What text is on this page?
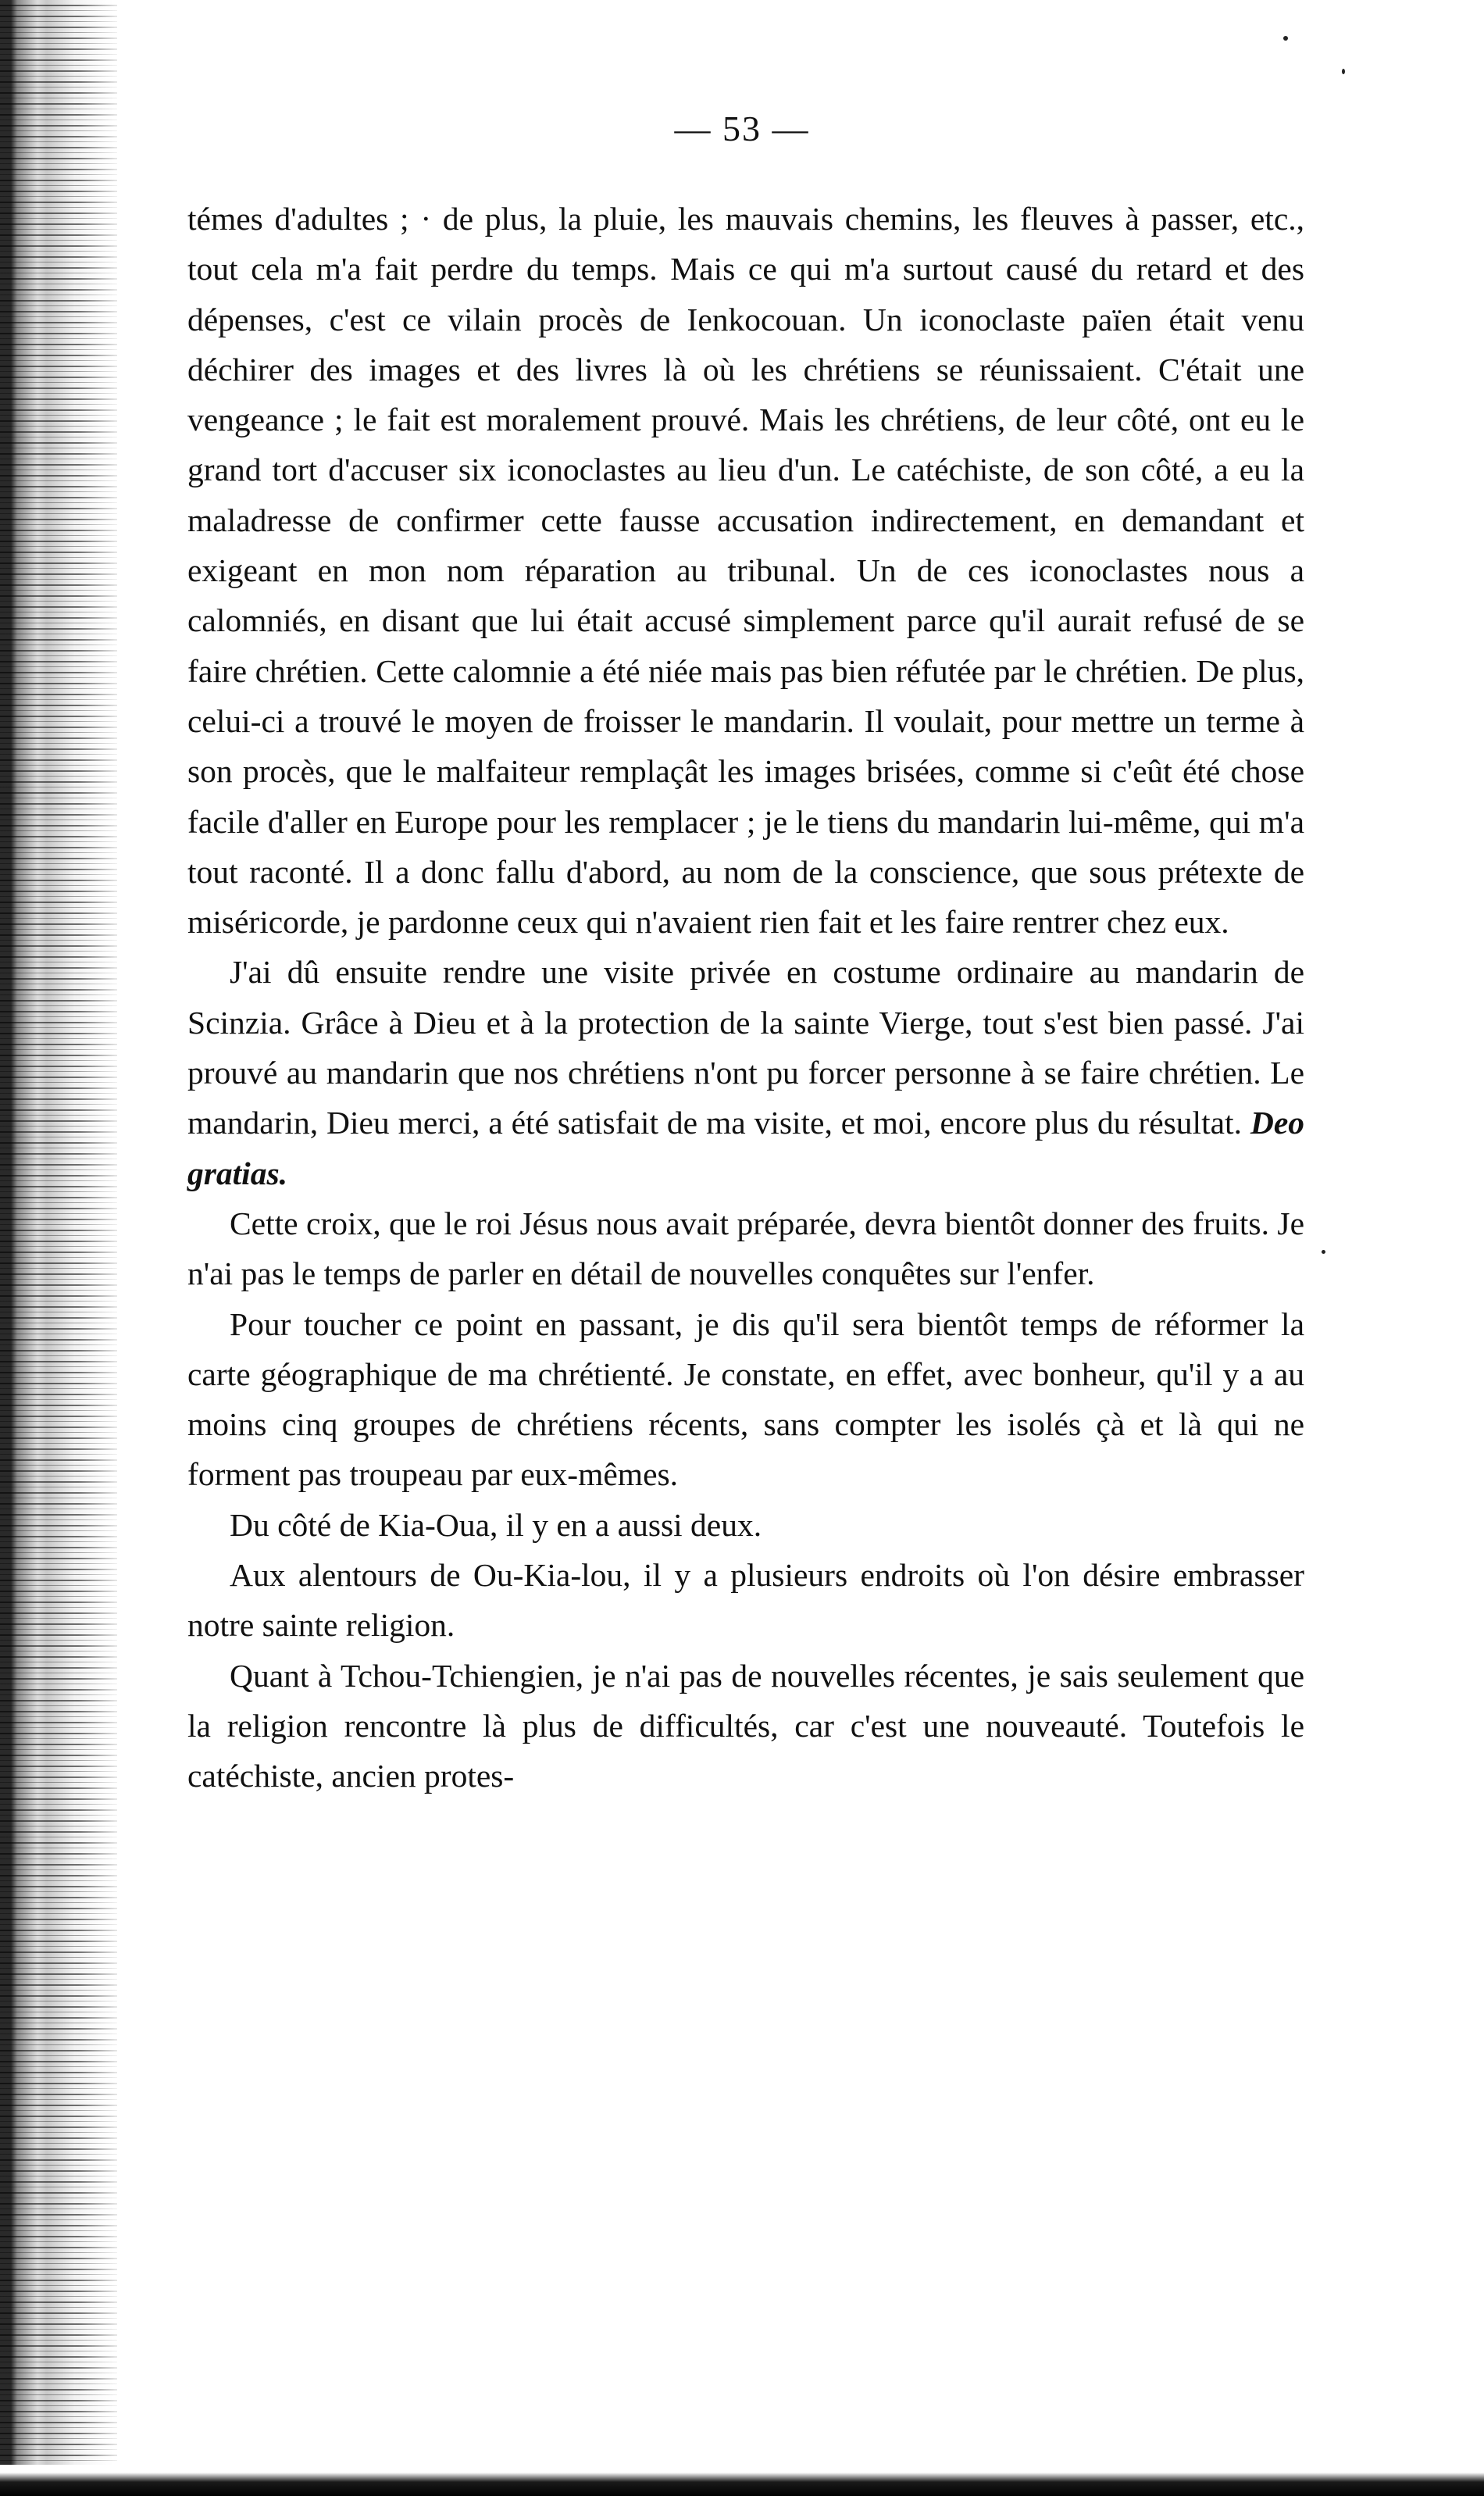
— 53 —

témes d'adultes ; · de plus, la pluie, les mauvais chemins, les fleuves à passer, etc., tout cela m'a fait perdre du temps. Mais ce qui m'a surtout causé du retard et des dépenses, c'est ce vilain procès de Ienkocouan. Un iconoclaste païen était venu déchirer des images et des livres là où les chrétiens se réunissaient. C'était une vengeance ; le fait est moralement prouvé. Mais les chrétiens, de leur côté, ont eu le grand tort d'accuser six iconoclastes au lieu d'un. Le catéchiste, de son côté, a eu la maladresse de confirmer cette fausse accusation indirectement, en demandant et exigeant en mon nom réparation au tribunal. Un de ces iconoclastes nous a calomniés, en disant que lui était accusé simplement parce qu'il aurait refusé de se faire chrétien. Cette calomnie a été niée mais pas bien réfutée par le chrétien. De plus, celui-ci a trouvé le moyen de froisser le mandarin. Il voulait, pour mettre un terme à son procès, que le malfaiteur remplaçât les images brisées, comme si c'eût été chose facile d'aller en Europe pour les remplacer ; je le tiens du mandarin lui-même, qui m'a tout raconté. Il a donc fallu d'abord, au nom de la conscience, que sous prétexte de miséricorde, je pardonne ceux qui n'avaient rien fait et les faire rentrer chez eux.

J'ai dû ensuite rendre une visite privée en costume ordinaire au mandarin de Scinzia. Grâce à Dieu et à la protection de la sainte Vierge, tout s'est bien passé. J'ai prouvé au mandarin que nos chrétiens n'ont pu forcer personne à se faire chrétien. Le mandarin, Dieu merci, a été satisfait de ma visite, et moi, encore plus du résultat. Deo gratias.

Cette croix, que le roi Jésus nous avait préparée, devra bientôt donner des fruits. Je n'ai pas le temps de parler en détail de nouvelles conquêtes sur l'enfer.

Pour toucher ce point en passant, je dis qu'il sera bientôt temps de réformer la carte géographique de ma chrétienté. Je constate, en effet, avec bonheur, qu'il y a au moins cinq groupes de chrétiens récents, sans compter les isolés çà et là qui ne forment pas troupeau par eux-mêmes.

Du côté de Kia-Oua, il y en a aussi deux.

Aux alentours de Ou-Kia-lou, il y a plusieurs endroits où l'on désire embrasser notre sainte religion.

Quant à Tchou-Tchiengien, je n'ai pas de nouvelles récentes, je sais seulement que la religion rencontre là plus de difficultés, car c'est une nouveauté. Toutefois le catéchiste, ancien protes-
